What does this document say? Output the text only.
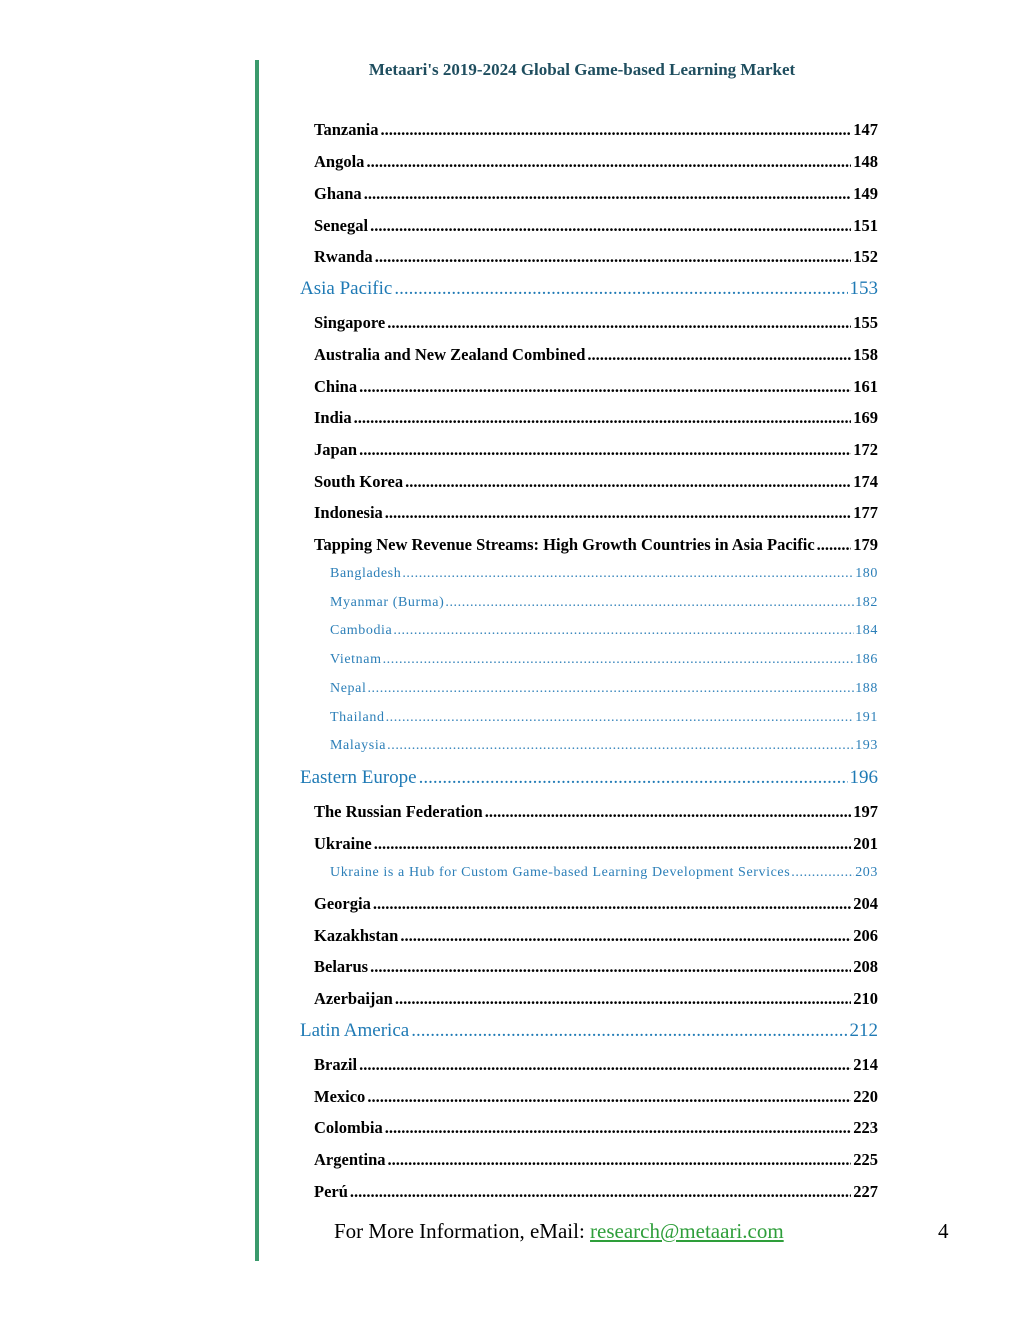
Metaari's 2019-2024 Global Game-based Learning Market
Tanzania .....	147
Angola .....	148
Ghana .....	149
Senegal .....	151
Rwanda .....	152
Asia Pacific .....	153
Singapore .....	155
Australia and New Zealand Combined .....	158
China .....	161
India .....	169
Japan .....	172
South Korea .....	174
Indonesia .....	177
Tapping New Revenue Streams: High Growth Countries in Asia Pacific ..... 179
Bangladesh .....	180
Myanmar (Burma) .....	182
Cambodia .....	184
Vietnam .....	186
Nepal .....	188
Thailand .....	191
Malaysia .....	193
Eastern Europe .....	196
The Russian Federation .....	197
Ukraine .....	201
Ukraine is a Hub for Custom Game-based Learning Development Services .....	203
Georgia .....	204
Kazakhstan .....	206
Belarus .....	208
Azerbaijan .....	210
Latin America .....	212
Brazil .....	214
Mexico .....	220
Colombia .....	223
Argentina .....	225
Perú .....	227
For More Information, eMail: research@metaari.com	4
